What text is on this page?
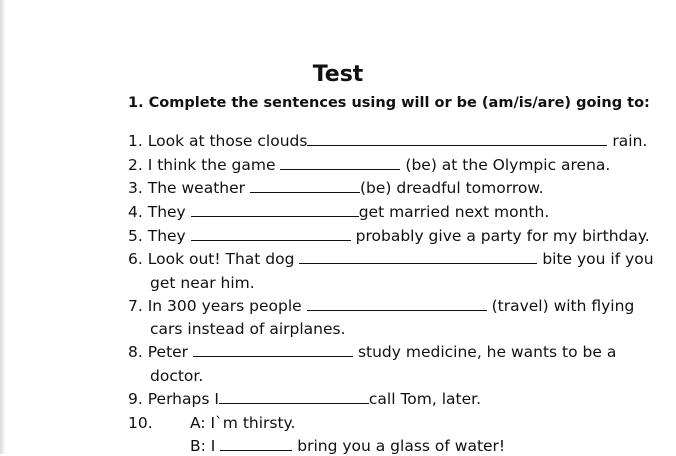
Test
1. Complete the sentences using will or be (am/is/are) going to:
1. Look at those clouds	rain.
2. I think the game	(be) at the Olympic arena.
3. The weather	(be) dreadful tomorrow.
4. They	get married next month.
5. They	probably give a party for my birthday.
6. Look out! That dog	bite you if you
get near him.
7. In 300 years people	(travel) with flying
cars instead of airplanes.
8. Peter	study medicine, he wants to be a
doctor.
9. Perhaps I	call Tom, later.
10. A: I`m thirsty.
B: I	bring you a glass of water!
